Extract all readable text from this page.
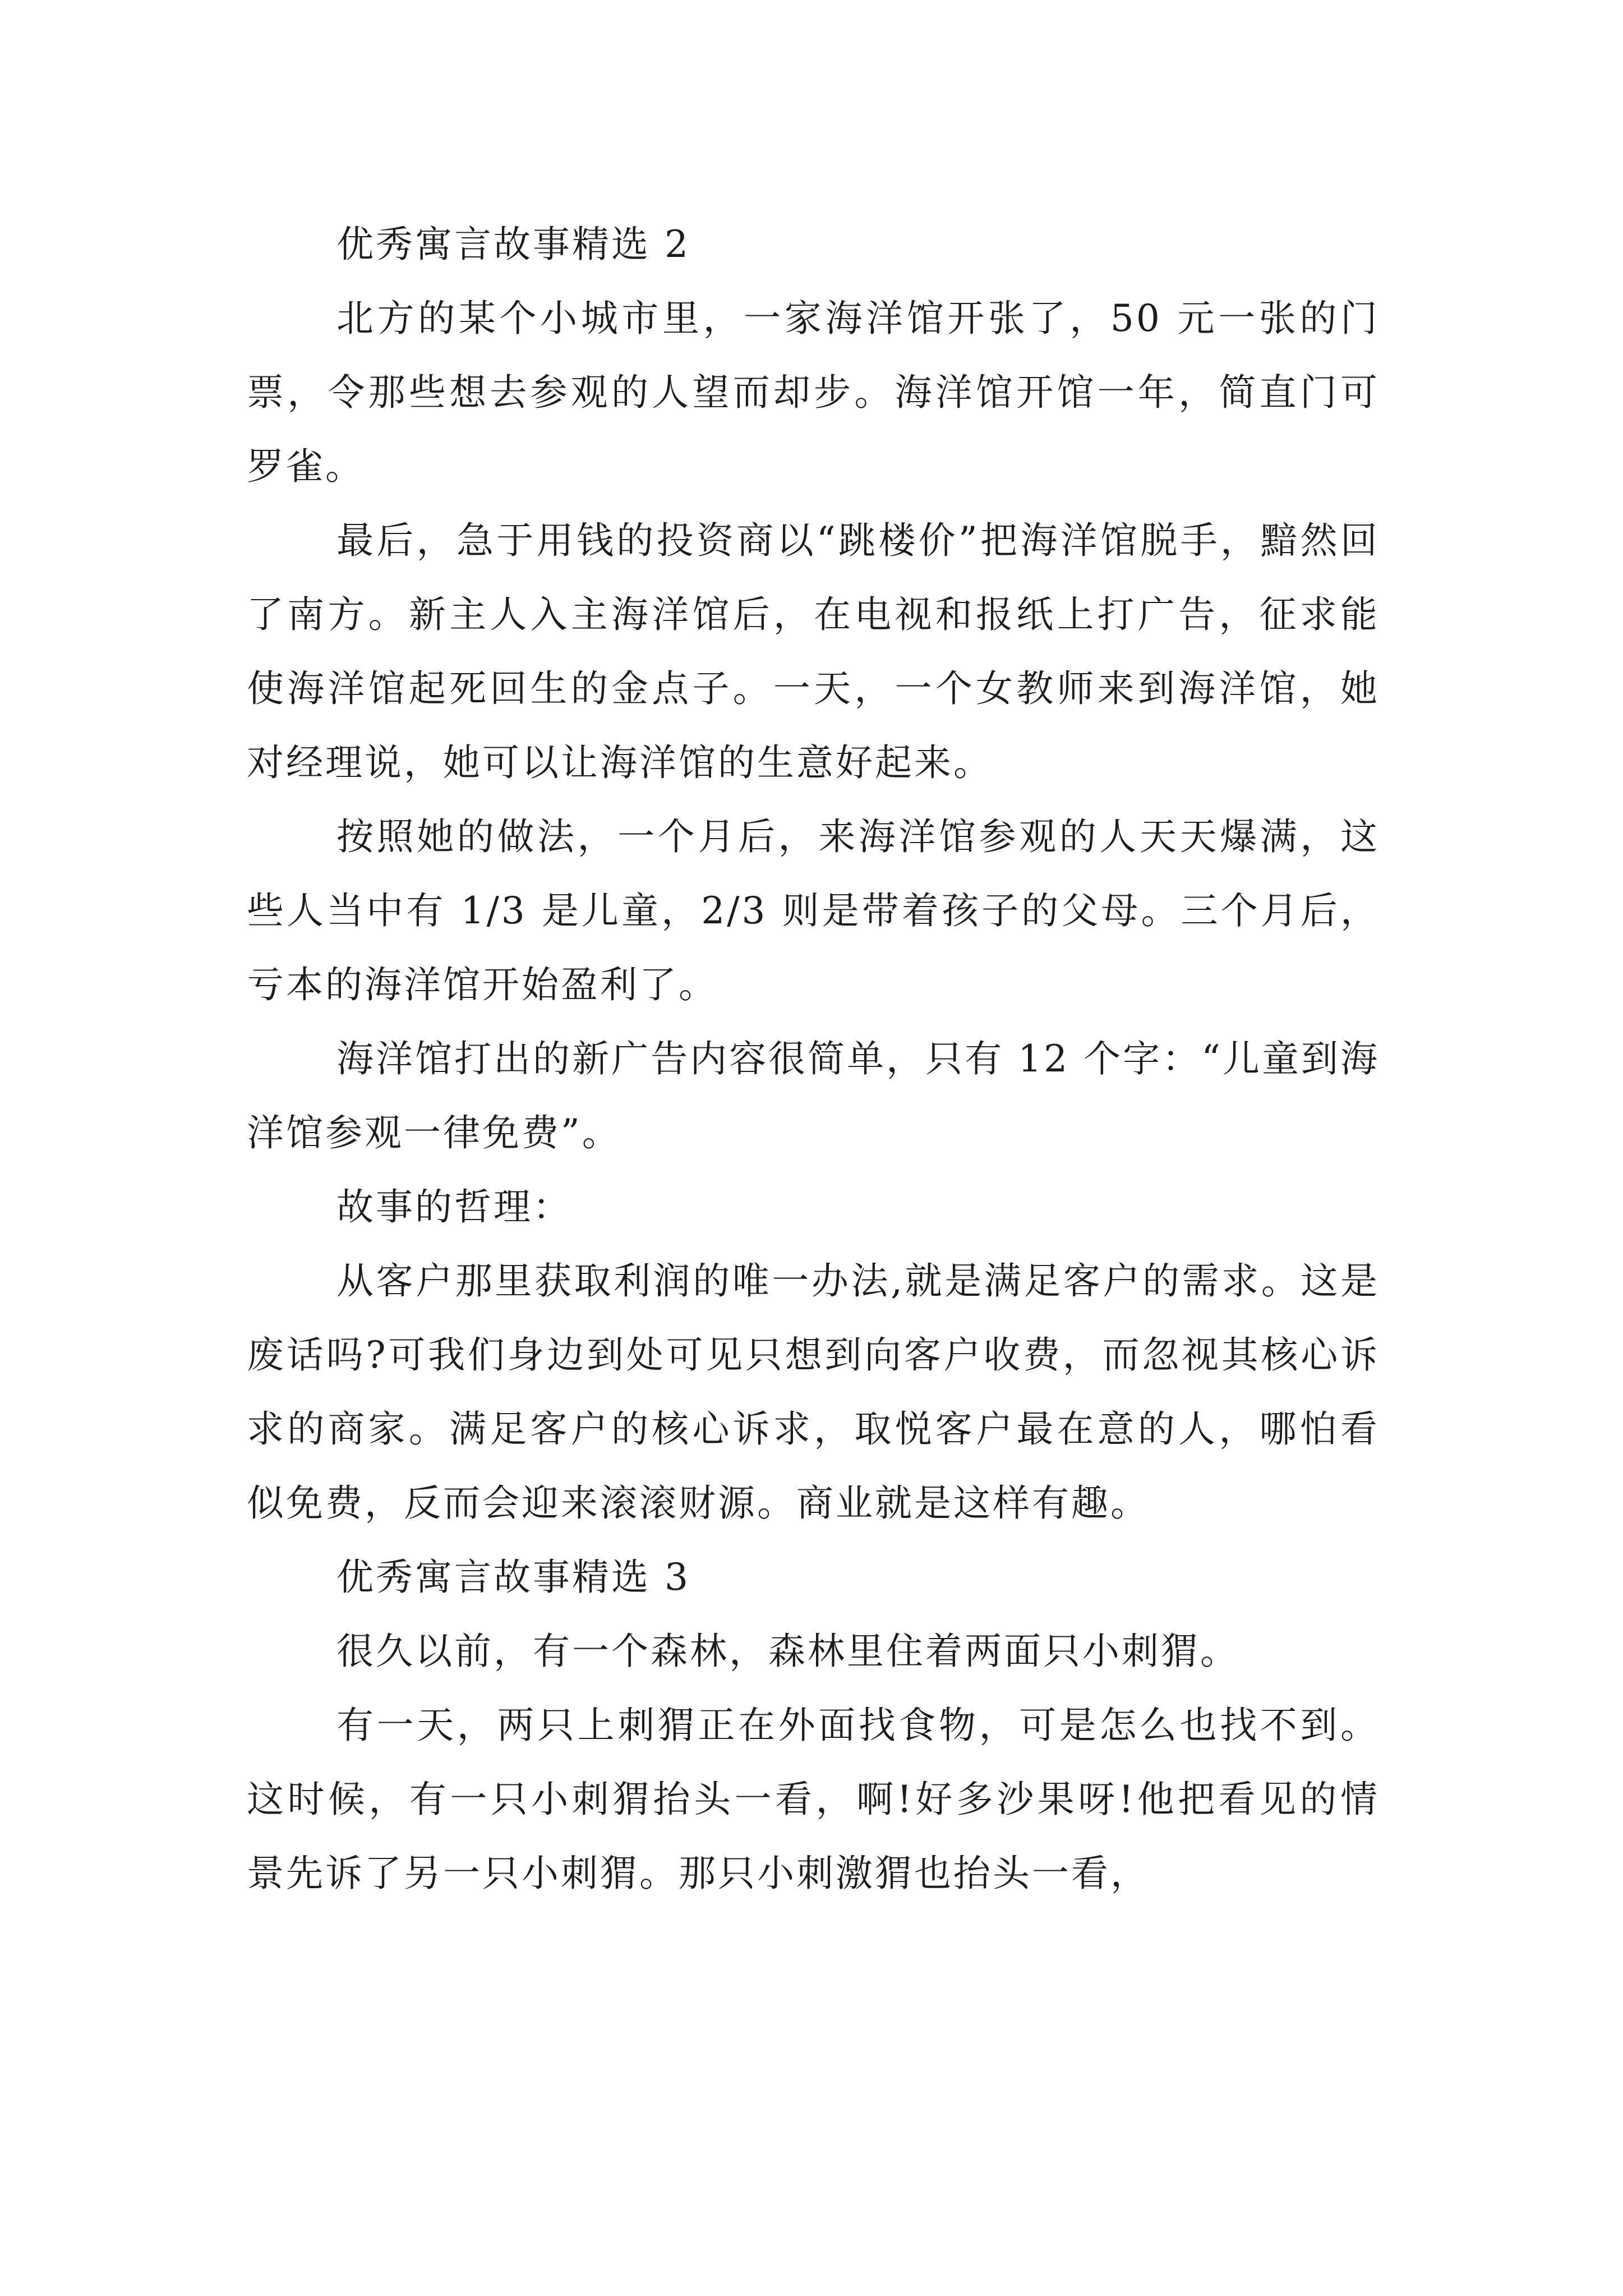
优秀寓言故事精选 2

北方的某个小城市里，一家海洋馆开张了，50 元一张的门票，令那些想去参观的人望而却步。海洋馆开馆一年，简直门可罗雀。

最后，急于用钱的投资商以“跳楼价”把海洋馆脱手，黯然回了南方。新主人入主海洋馆后，在电视和报纸上打广告，征求能使海洋馆起死回生的金点子。一天，一个女教师来到海洋馆，她对经理说，她可以让海洋馆的生意好起来。

按照她的做法，一个月后，来海洋馆参观的人天天爆满，这些人当中有 1/3 是儿童，2/3 则是带着孩子的父母。三个月后，亏本的海洋馆开始盈利了。

海洋馆打出的新广告内容很简单，只有 12 个字：“儿童到海洋馆参观一律免费”。

故事的哲理：

从客户那里获取利润的唯一办法,就是满足客户的需求。这是废话吗?可我们身边到处可见只想到向客户收费，而忽视其核心诉求的商家。满足客户的核心诉求，取悦客户最在意的人，哪怕看似免费，反而会迎来滚滚财源。商业就是这样有趣。

优秀寓言故事精选 3

很久以前，有一个森林，森林里住着两面只小刺猬。

有一天，两只上刺猬正在外面找食物，可是怎么也找不到。这时候，有一只小刺猬抬头一看，啊!好多沙果呀!他把看见的情景先诉了另一只小刺猬。那只小刺激猬也抬头一看，
